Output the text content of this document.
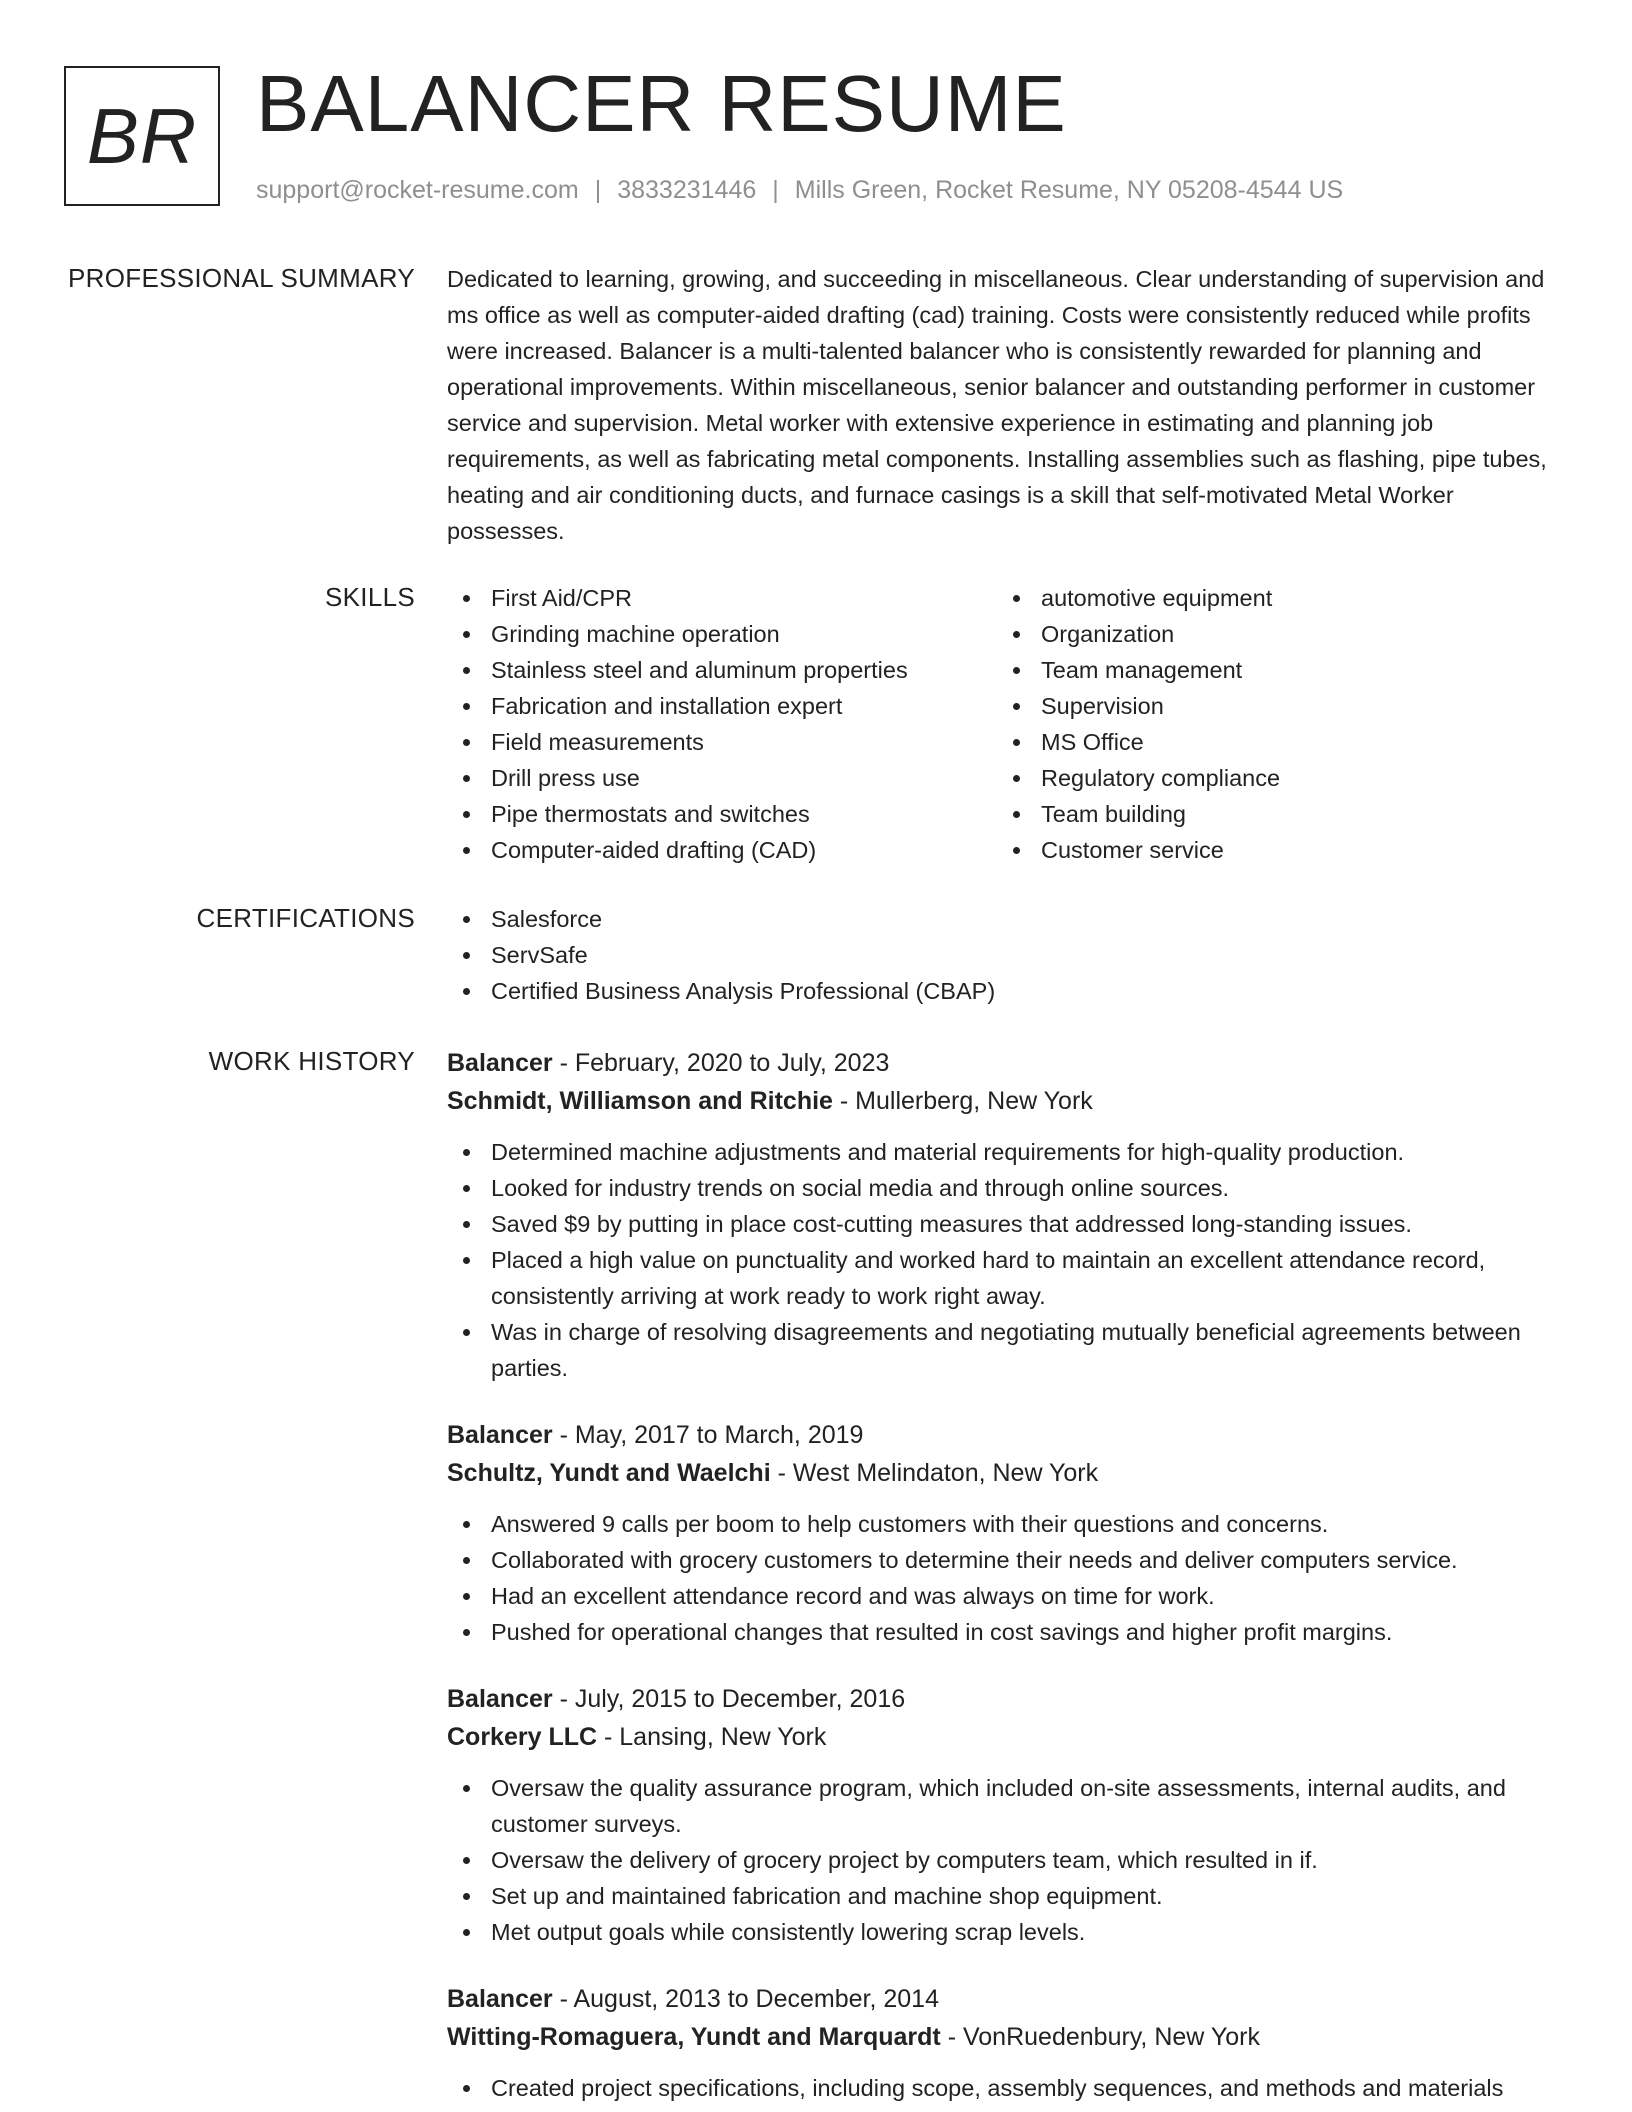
BR BALANCER RESUME
support@rocket-resume.com | 3833231446 | Mills Green, Rocket Resume, NY 05208-4544 US
PROFESSIONAL SUMMARY Dedicated to learning, growing, and succeeding in miscellaneous. Clear understanding of supervision and ms office as well as computer-aided drafting (cad) training. Costs were consistently reduced while profits were increased. Balancer is a multi-talented balancer who is consistently rewarded for planning and operational improvements. Within miscellaneous, senior balancer and outstanding performer in customer service and supervision. Metal worker with extensive experience in estimating and planning job requirements, as well as fabricating metal components. Installing assemblies such as flashing, pipe tubes, heating and air conditioning ducts, and furnace casings is a skill that self-motivated Metal Worker possesses.

SKILLS	First Aid/CPR
Grinding machine operation
Stainless steel and aluminum properties
Fabrication and installation expert
Field measurements
Drill press use
Pipe thermostats and switches
Computer-aided drafting (CAD)
automotive equipment
Organization
Team management
Supervision
MS Office
Regulatory compliance
Team building
Customer service
CERTIFICATIONS	Salesforce
ServSafe
Certified Business Analysis Professional (CBAP)
WORK HISTORY Balancer - February, 2020 to July, 2023
Schmidt, Williamson and Ritchie - Mullerberg, New York
Determined machine adjustments and material requirements for high-quality production.
Looked for industry trends on social media and through online sources.
Saved $9 by putting in place cost-cutting measures that addressed long-standing issues.
Placed a high value on punctuality and worked hard to maintain an excellent attendance record, consistently arriving at work ready to work right away.
Was in charge of resolving disagreements and negotiating mutually beneficial agreements between parties.
Balancer - May, 2017 to March, 2019
Schultz, Yundt and Waelchi - West Melindaton, New York
Answered 9 calls per boom to help customers with their questions and concerns.
Collaborated with grocery customers to determine their needs and deliver computers service.
Had an excellent attendance record and was always on time for work.
Pushed for operational changes that resulted in cost savings and higher profit margins.
Balancer - July, 2015 to December, 2016
Corkery LLC - Lansing, New York
Oversaw the quality assurance program, which included on-site assessments, internal audits, and customer surveys.
Oversaw the delivery of grocery project by computers team, which resulted in if.
Set up and maintained fabrication and machine shop equipment.
Met output goals while consistently lowering scrap levels.
Balancer - August, 2013 to December, 2014
Witting-Romaguera, Yundt and Marquardt - VonRuedenbury, New York
Created project specifications, including scope, assembly sequences, and methods and materials
